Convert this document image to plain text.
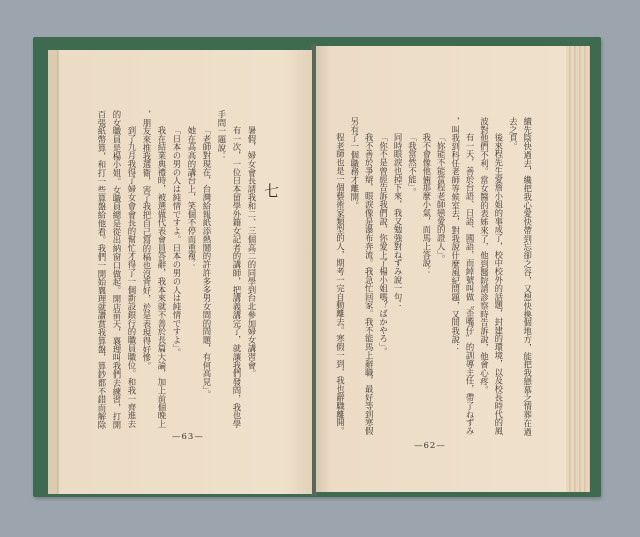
七
暑假，婦女會長請我和二、三個高二的同學到台北參加婦女講習會。
有一次，一位日本留學外籍女記者的講師，把講義講完了，就讓我們發問，我也學
手問一題說：
「老師對現在，台灣給報紙添熱鬧的許許多多男女間的問題，有何高見」。
她在高高的講台上，笑個不停而重複：
「日本の男の人は純情ですよ。日本の男の人は純情ですよ」。
我在結業典禮時，被選做代表會員答辭，我本來就不善於長篇大論，加上前個晚上
，朋友來推我選衛，害了我把自己寫的稿也沒背好，於是表現得好慘。
到了九月我得了婦女會會長的幫忙才得了一個新設銀行的職員職位。和我一齊進去
的女職員是楊小姐。女職員總是從出納窗口做起。開店前天，襄理叫我們去練習，打開
百張紙幣算，和打一些算盤給他看。我們一開始襄理就讚賞我算盤，算鈔都不錯而解除	續先陰快過去，纔把我心愛快帶到忘卻之谷，又想快換個地方，能把我戀慕之情葬在過
去之頁。
後來程先生愛詹小姐的事成了，校中校外的話題，封建的環境，以及校長時代的風
波對他們不利。當女醫的表姊來了，他到醫院請診察時告訴說，他會心疼。
有一天，善於台語、日語、國語，而綽號叫做〝歪嘴仔〞的訓導主任，帶了ねずみ
，叫我到科任老師等候室去，對我說什麼風紀問題，又問我說：
「妳能不能當程老師戀愛的證人」。
我不會像他倆那麼小氣，而馬上答說：
「我當然不能」。
同時眼淚也掉下來，我又勉強對ねずみ說一句：
「你不是曾經告訴我們說，你愛上了楊小姐嗎？ばかやろ」。
我不善於爭辯，眼淚像是瀑布奔流。我急忙回家。我不能馬上辭職，最好等到寒假
另有了一個職務才離開。
程老師也是一個藝術家類型的人，期考一完自動離去。寒假一到，我也辭職離開。
—63—
—62—
